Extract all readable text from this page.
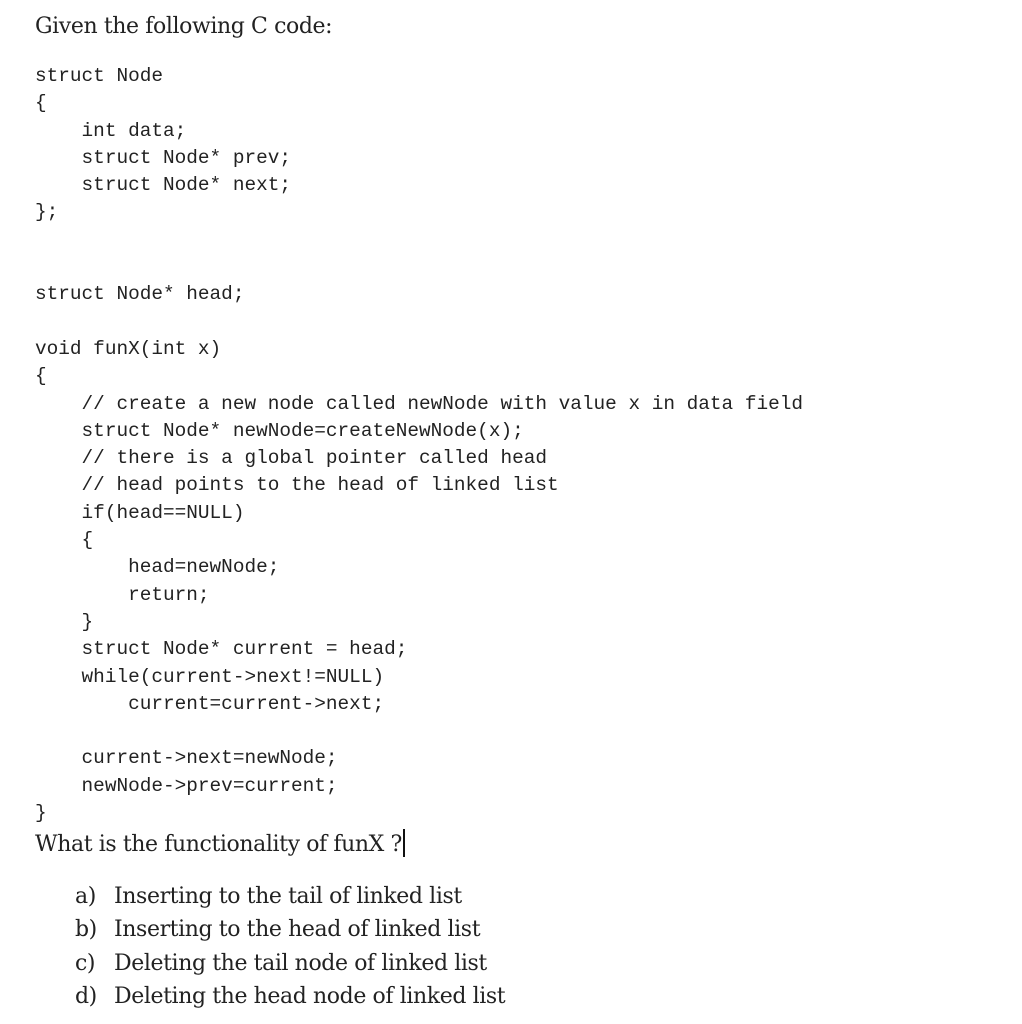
Given the following C code:
struct Node
{
int data;
struct Node* prev;
struct Node* next;
};
struct Node* head;
void funX(int x)
{
// create a new node called newNode with value x in data field
struct Node* newNode=createNewNode(x);
// there is a global pointer called head
// head points to the head of linked list
if(head==NULL)
{
head=newNode;
return;
}
struct Node* current = head;
while(current->next!=NULL)
current=current->next;
current->next=newNode;
newNode->prev=current;
}
What is the functionality of funX ?
a) Inserting to the tail of linked list
b) Inserting to the head of linked list
c) Deleting the tail node of linked list
d) Deleting the head node of linked list
